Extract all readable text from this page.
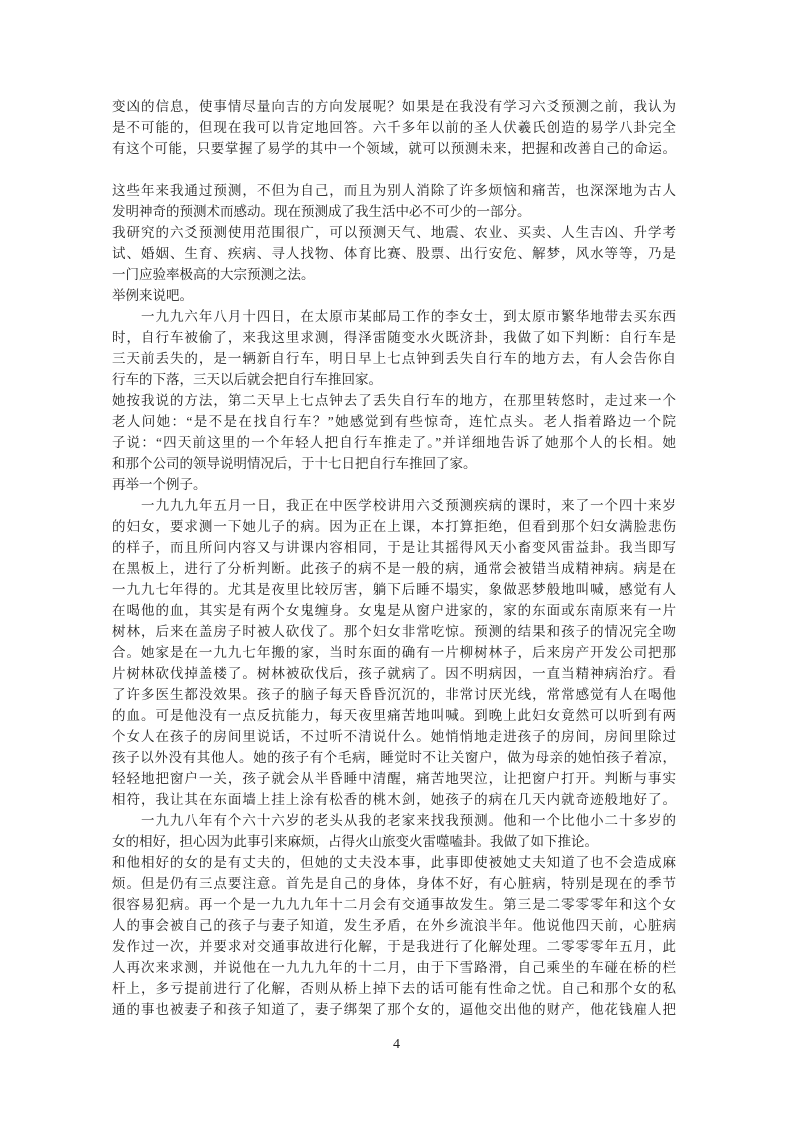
变凶的信息，使事情尽量向吉的方向发展呢？如果是在我没有学习六爻预测之前，我认为
是不可能的，但现在我可以肯定地回答。六千多年以前的圣人伏羲氏创造的易学八卦完全
有这个可能，只要掌握了易学的其中一个领域，就可以预测未来，把握和改善自己的命运。
这些年来我通过预测，不但为自己，而且为别人消除了许多烦恼和痛苦，也深深地为古人
发明神奇的预测术而感动。现在预测成了我生活中必不可少的一部分。
我研究的六爻预测使用范围很广，可以预测天气、地震、农业、买卖、人生吉凶、升学考
试、婚姻、生育、疾病、寻人找物、体育比赛、股票、出行安危、解梦，风水等等，乃是
一门应验率极高的大宗预测之法。
举例来说吧。
　　一九九六年八月十四日，在太原市某邮局工作的李女士，到太原市繁华地带去买东西
时，自行车被偷了，来我这里求测，得泽雷随变水火既济卦，我做了如下判断：自行车是
三天前丢失的，是一辆新自行车，明日早上七点钟到丢失自行车的地方去，有人会告你自
行车的下落，三天以后就会把自行车推回家。
她按我说的方法，第二天早上七点钟去了丢失自行车的地方，在那里转悠时，走过来一个
老人问她：“是不是在找自行车？”她感觉到有些惊奇，连忙点头。老人指着路边一个院
子说：“四天前这里的一个年轻人把自行车推走了。”并详细地告诉了她那个人的长相。她
和那个公司的领导说明情况后，于十七日把自行车推回了家。
再举一个例子。
　　一九九九年五月一日，我正在中医学校讲用六爻预测疾病的课时，来了一个四十来岁
的妇女，要求测一下她儿子的病。因为正在上课，本打算拒绝，但看到那个妇女满脸悲伤
的样子，而且所问内容又与讲课内容相同，于是让其摇得风天小畜变风雷益卦。我当即写
在黑板上，进行了分析判断。此孩子的病不是一般的病，通常会被错当成精神病。病是在
一九九七年得的。尤其是夜里比较厉害，躺下后睡不塌实，象做恶梦般地叫喊，感觉有人
在喝他的血，其实是有两个女鬼缠身。女鬼是从窗户进家的，家的东面或东南原来有一片
树林，后来在盖房子时被人砍伐了。那个妇女非常吃惊。预测的结果和孩子的情况完全吻
合。她家是在一九九七年搬的家，当时东面的确有一片柳树林子，后来房产开发公司把那
片树林砍伐掉盖楼了。树林被砍伐后，孩子就病了。因不明病因，一直当精神病治疗。看
了许多医生都没效果。孩子的脑子每天昏昏沉沉的，非常讨厌光线，常常感觉有人在喝他
的血。可是他没有一点反抗能力，每天夜里痛苦地叫喊。到晚上此妇女竟然可以听到有两
个女人在孩子的房间里说话，不过听不清说什么。她悄悄地走进孩子的房间，房间里除过
孩子以外没有其他人。她的孩子有个毛病，睡觉时不让关窗户，做为母亲的她怕孩子着凉，
轻轻地把窗户一关，孩子就会从半昏睡中清醒，痛苦地哭泣，让把窗户打开。判断与事实
相符，我让其在东面墙上挂上涂有松香的桃木剑，她孩子的病在几天内就奇迹般地好了。
　　一九九八年有个六十六岁的老头从我的老家来找我预测。他和一个比他小二十多岁的
女的相好，担心因为此事引来麻烦，占得火山旅变火雷噬嗑卦。我做了如下推论。
和他相好的女的是有丈夫的，但她的丈夫没本事，此事即使被她丈夫知道了也不会造成麻
烦。但是仍有三点要注意。首先是自己的身体，身体不好，有心脏病，特别是现在的季节
很容易犯病。再一个是一九九九年十二月会有交通事故发生。第三是二零零零年和这个女
人的事会被自己的孩子与妻子知道，发生矛盾，在外乡流浪半年。他说他四天前，心脏病
发作过一次，并要求对交通事故进行化解，于是我进行了化解处理。二零零零年五月，此
人再次来求测，并说他在一九九九年的十二月，由于下雪路滑，自己乘坐的车碰在桥的栏
杆上，多亏提前进行了化解，否则从桥上掉下去的话可能有性命之忧。自己和那个女的私
通的事也被妻子和孩子知道了，妻子绑架了那个女的，逼他交出他的财产，他花钱雇人把
4
